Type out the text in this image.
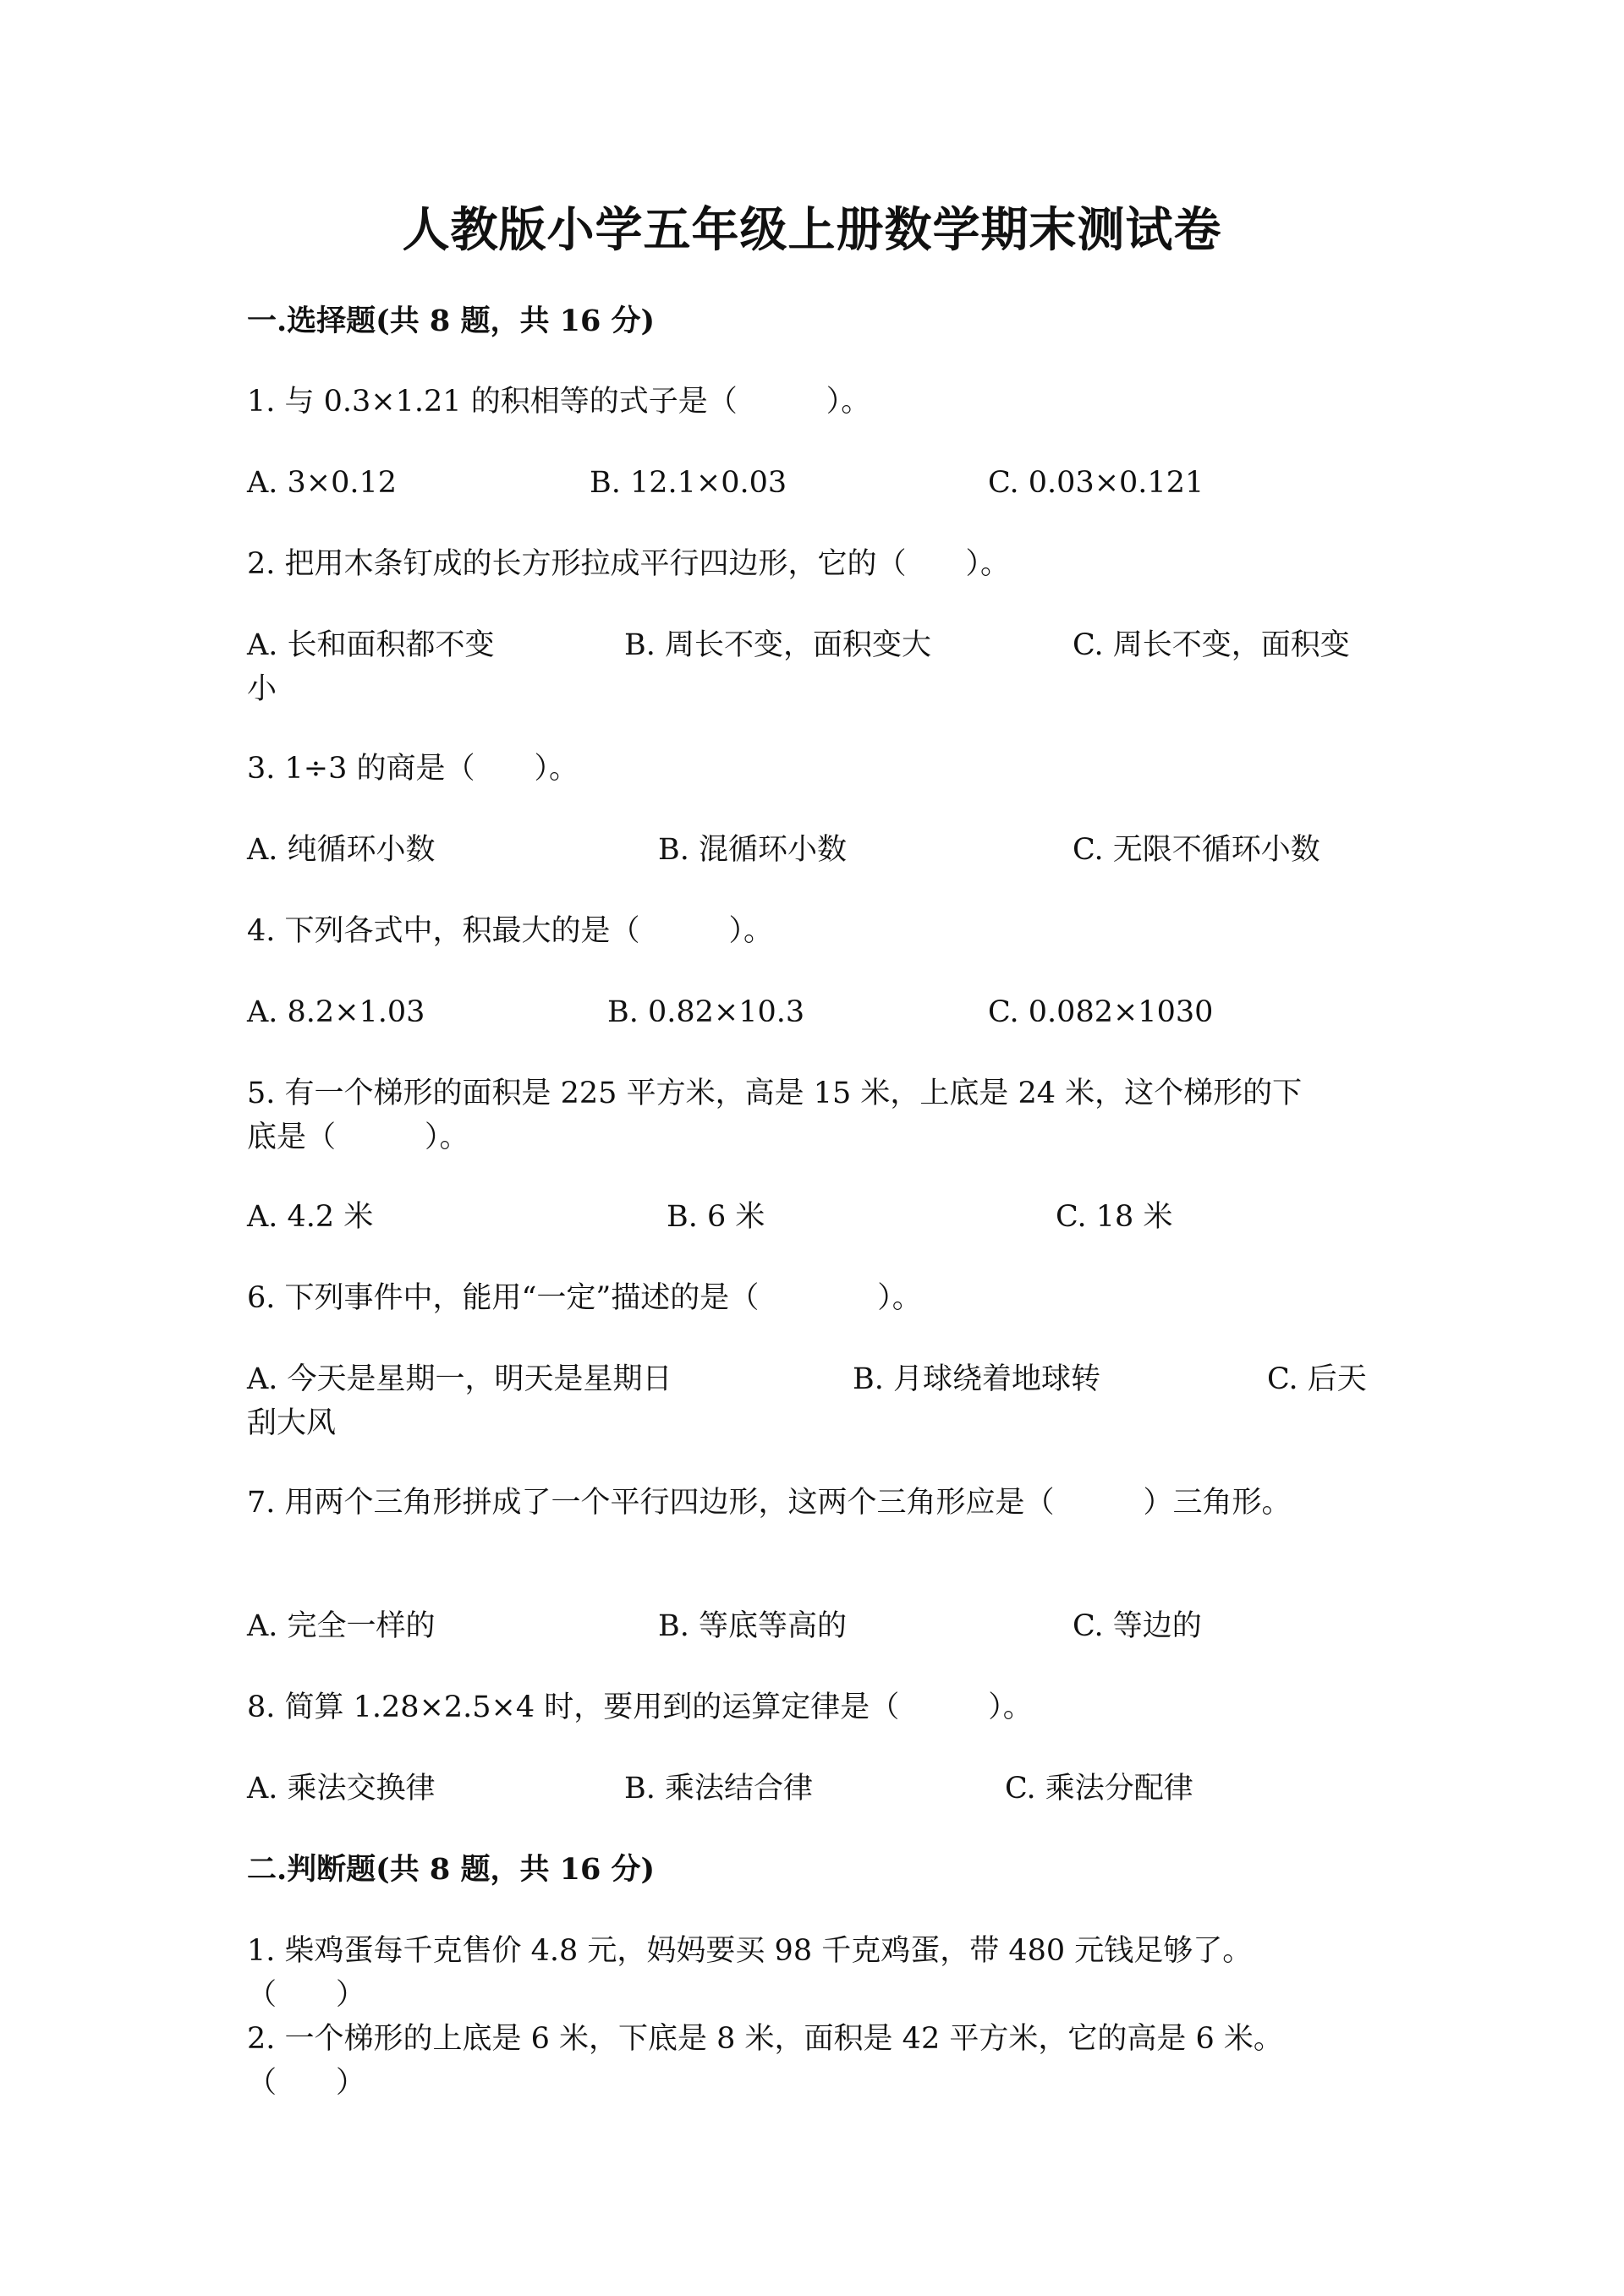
人教版小学五年级上册数学期末测试卷
一.选择题(共 8 题，共 16 分)
1. 与 0.3×1.21 的积相等的式子是（　　　）。
A. 3×0.12	B. 12.1×0.03	C. 0.03×0.121
2. 把用木条钉成的长方形拉成平行四边形，它的（　　）。
A. 长和面积都不变	B. 周长不变，面积变大	C. 周长不变，面积变
小
3. 1÷3 的商是（　　）。
A. 纯循环小数	B. 混循环小数	C. 无限不循环小数
4. 下列各式中，积最大的是（　　　）。
A. 8.2×1.03	B. 0.82×10.3	C. 0.082×1030
5. 有一个梯形的面积是 225 平方米，高是 15 米，上底是 24 米，这个梯形的下
底是（　　　）。
A. 4.2 米	B. 6 米	C. 18 米
6. 下列事件中，能用“一定”描述的是（　　　　）。
A. 今天是星期一，明天是星期日	B. 月球绕着地球转	C. 后天
刮大风
7. 用两个三角形拼成了一个平行四边形，这两个三角形应是（　　　）三角形。
A. 完全一样的	B. 等底等高的	C. 等边的
8. 简算 1.28×2.5×4 时，要用到的运算定律是（　　　）。
A. 乘法交换律	B. 乘法结合律	C. 乘法分配律
二.判断题(共 8 题，共 16 分)
1. 柴鸡蛋每千克售价 4.8 元，妈妈要买 98 千克鸡蛋，带 480 元钱足够了。
（　　）
2. 一个梯形的上底是 6 米，下底是 8 米，面积是 42 平方米，它的高是 6 米。
（　　）
